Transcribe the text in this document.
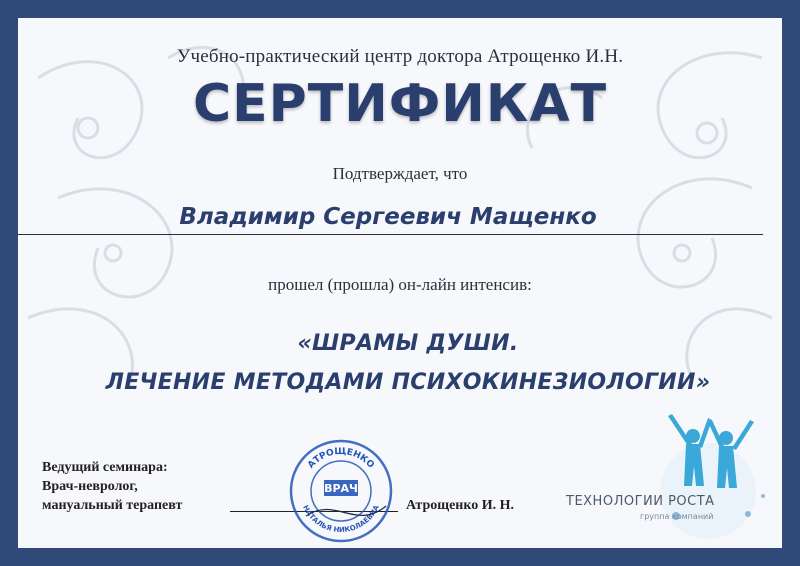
Учебно-практический центр доктора Атрощенко И.Н.
СЕРТИФИКАТ
Подтверждает, что
Владимир Сергеевич Мащенко
прошел (прошла) он-лайн интенсив:
«ШРАМЫ ДУШИ.
ЛЕЧЕНИЕ МЕТОДАМИ ПСИХОКИНЕЗИОЛОГИИ»
Ведущий семинара:
Врач-невролог,
мануальный терапевт	Атрощенко И. Н.
АТРОЩЕНКО
НАТАЛЬЯ НИКОЛАЕВНА
ВРАЧ
ТЕХНОЛОГИИ РОСТА
группа компаний
